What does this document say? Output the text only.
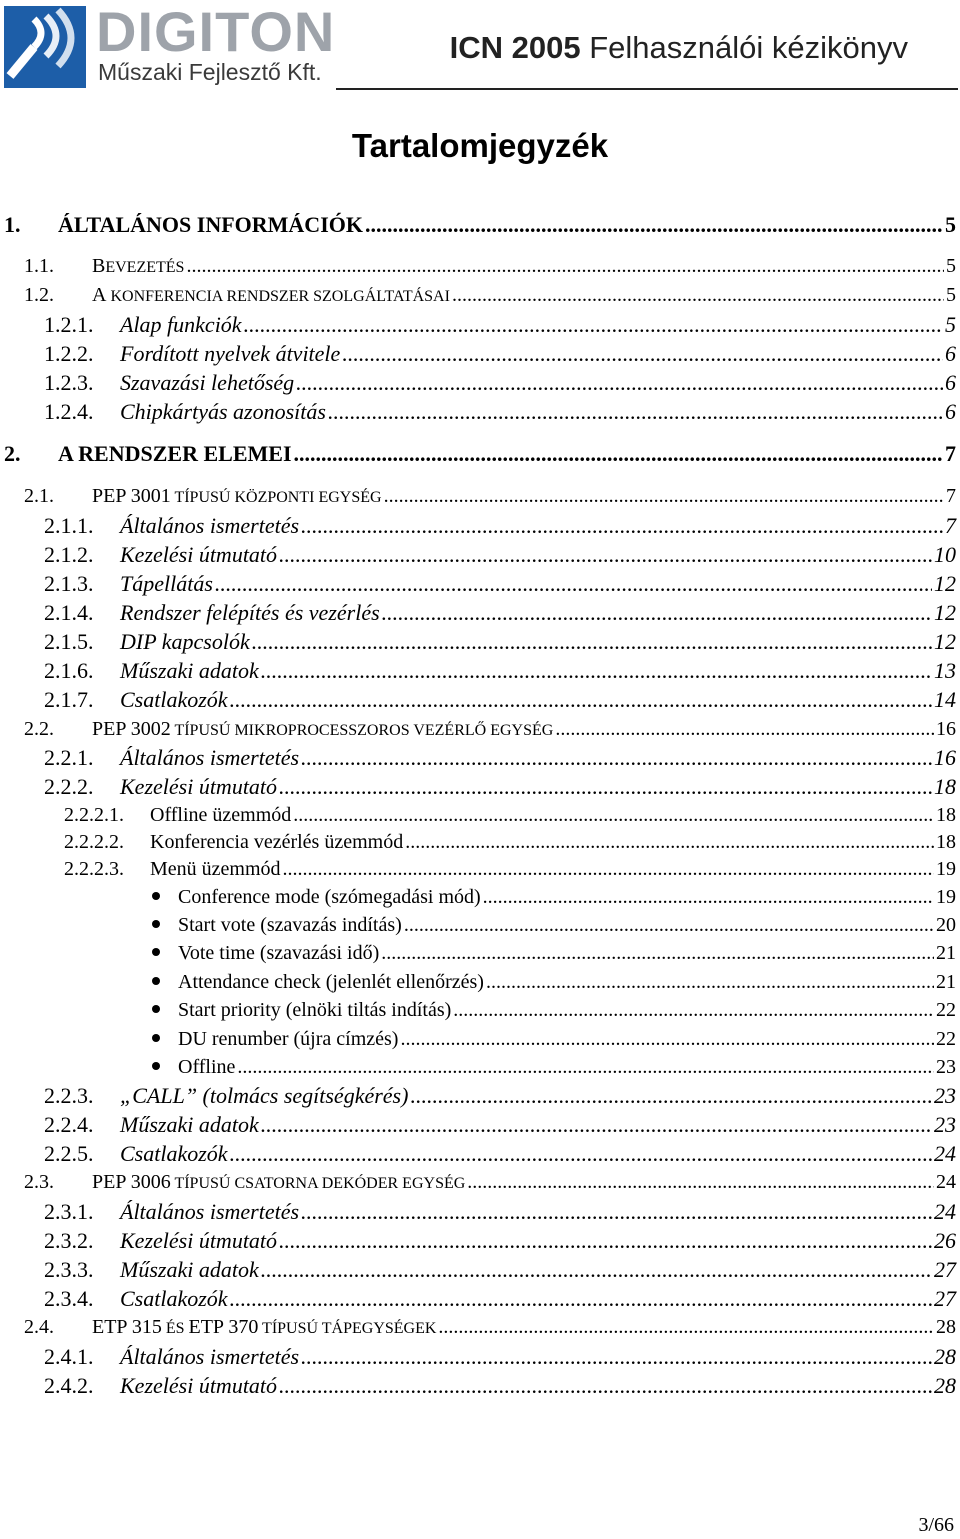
DIGITON
Műszaki Fejlesztő Kft.
ICN 2005 Felhasználói kézikönyv
Tartalomjegyzék
1.	ÁLTALÁNOS INFORMÁCIÓK .....	5
1.1.	BEVEZETÉS .....	5
1.2.	A KONFERENCIA RENDSZER SZOLGÁLTATÁSAI .....	5
1.2.1.	Alap funkciók .....	5
1.2.2.	Fordított nyelvek átvitele .....	6
1.2.3.	Szavazási lehetőség .....	6
1.2.4.	Chipkártyás azonosítás .....	6
2.	A RENDSZER ELEMEI .....	7
2.1.	PEP 3001 TÍPUSÚ KÖZPONTI EGYSÉG .....	7
2.1.1.	Általános ismertetés .....	7
2.1.2.	Kezelési útmutató .....	10
2.1.3.	Tápellátás .....	12
2.1.4.	Rendszer felépítés és vezérlés .....	12
2.1.5.	DIP kapcsolók .....	12
2.1.6.	Műszaki adatok .....	13
2.1.7.	Csatlakozók .....	14
2.2.	PEP 3002 TÍPUSÚ MIKROPROCESSZOROS VEZÉRLŐ EGYSÉG .....	16
2.2.1.	Általános ismertetés .....	16
2.2.2.	Kezelési útmutató .....	18
2.2.2.1.	Offline üzemmód .....	18
2.2.2.2.	Konferencia vezérlés üzemmód .....	18
2.2.2.3.	Menü üzemmód .....	19
Conference mode (szómegadási mód) .....	19
Start vote (szavazás indítás) .....	20
Vote time (szavazási idő) .....	21
Attendance check (jelenlét ellenőrzés) .....	21
Start priority (elnöki tiltás indítás) .....	22
DU renumber (újra címzés) .....	22
Offline .....	23
2.2.3.	„CALL” (tolmács segítségkérés) .....	23
2.2.4.	Műszaki adatok .....	23
2.2.5.	Csatlakozók .....	24
2.3.	PEP 3006 TÍPUSÚ CSATORNA DEKÓDER EGYSÉG .....	24
2.3.1.	Általános ismertetés .....	24
2.3.2.	Kezelési útmutató .....	26
2.3.3.	Műszaki adatok .....	27
2.3.4.	Csatlakozók .....	27
2.4.	ETP 315 ÉS ETP 370 TÍPUSÚ TÁPEGYSÉGEK .....	28
2.4.1.	Általános ismertetés .....	28
2.4.2.	Kezelési útmutató .....	28
3/66
